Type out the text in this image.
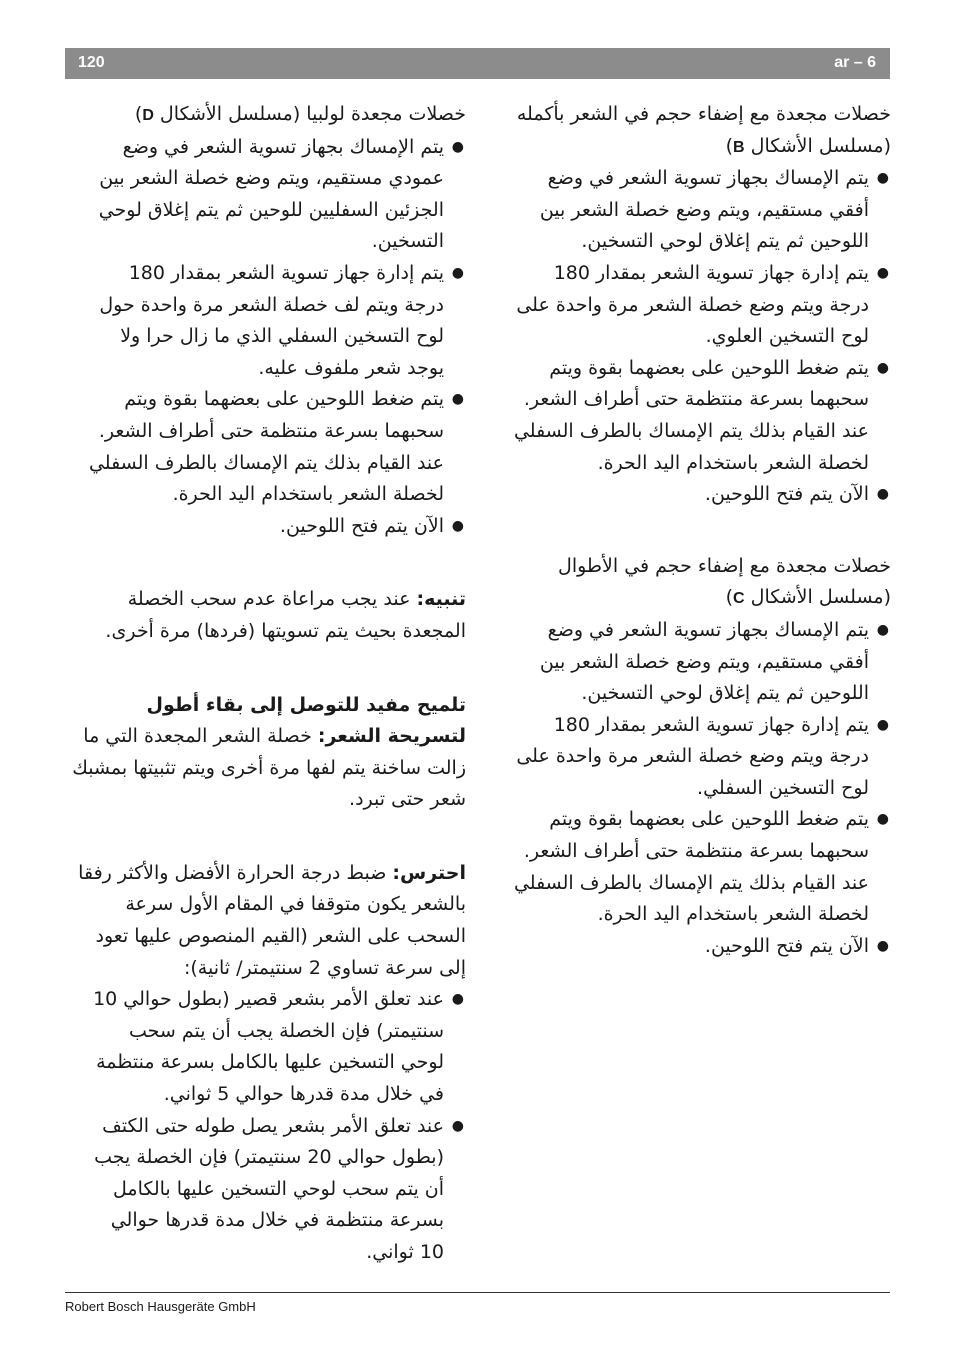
120	ar – 6

خصلات مجعدة مع إضفاء حجم في الشعر بأكمله (مسلسل الأشكال B)

●
يتم الإمساك بجهاز تسوية الشعر في وضع أفقي مستقيم، ويتم وضع خصلة الشعر بين اللوحين ثم يتم إغلاق لوحي التسخين.
●
يتم إدارة جهاز تسوية الشعر بمقدار 180 درجة ويتم وضع خصلة الشعر مرة واحدة على لوح التسخين العلوي.
●
يتم ضغط اللوحين على بعضهما بقوة ويتم سحبهما بسرعة منتظمة حتى أطراف الشعر. عند القيام بذلك يتم الإمساك بالطرف السفلي لخصلة الشعر باستخدام اليد الحرة.
●
الآن يتم فتح اللوحين.

خصلات مجعدة مع إضفاء حجم في الأطوال (مسلسل الأشكال C)

●
يتم الإمساك بجهاز تسوية الشعر في وضع أفقي مستقيم، ويتم وضع خصلة الشعر بين اللوحين ثم يتم إغلاق لوحي التسخين.
●
يتم إدارة جهاز تسوية الشعر بمقدار 180 درجة ويتم وضع خصلة الشعر مرة واحدة على لوح التسخين السفلي.
●
يتم ضغط اللوحين على بعضهما بقوة ويتم سحبهما بسرعة منتظمة حتى أطراف الشعر. عند القيام بذلك يتم الإمساك بالطرف السفلي لخصلة الشعر باستخدام اليد الحرة.
●
الآن يتم فتح اللوحين.

خصلات مجعدة لولبيا (مسلسل الأشكال D)

●
يتم الإمساك بجهاز تسوية الشعر في وضع عمودي مستقيم، ويتم وضع خصلة الشعر بين الجزئين السفليين للوحين ثم يتم إغلاق لوحي التسخين.
●
يتم إدارة جهاز تسوية الشعر بمقدار 180 درجة ويتم لف خصلة الشعر مرة واحدة حول لوح التسخين السفلي الذي ما زال حرا ولا يوجد شعر ملفوف عليه.
●
يتم ضغط اللوحين على بعضهما بقوة ويتم سحبهما بسرعة منتظمة حتى أطراف الشعر. عند القيام بذلك يتم الإمساك بالطرف السفلي لخصلة الشعر باستخدام اليد الحرة.
●
الآن يتم فتح اللوحين.

تنبيه: عند يجب مراعاة عدم سحب الخصلة المجعدة بحيث يتم تسويتها (فردها) مرة أخرى.

تلميح مفيد للتوصل إلى بقاء أطول لتسريحة الشعر: خصلة الشعر المجعدة التي ما زالت ساخنة يتم لفها مرة أخرى ويتم تثبيتها بمشبك شعر حتى تبرد.

احترس: ضبط درجة الحرارة الأفضل والأكثر رفقا بالشعر يكون متوقفا في المقام الأول سرعة السحب على الشعر (القيم المنصوص عليها تعود إلى سرعة تساوي 2 سنتيمتر/ ثانية):

●
عند تعلق الأمر بشعر قصير (بطول حوالي 10 سنتيمتر) فإن الخصلة يجب أن يتم سحب لوحي التسخين عليها بالكامل بسرعة منتظمة في خلال مدة قدرها حوالي 5 ثواني.
●
عند تعلق الأمر بشعر يصل طوله حتى الكتف (بطول حوالي 20 سنتيمتر) فإن الخصلة يجب أن يتم سحب لوحي التسخين عليها بالكامل بسرعة منتظمة في خلال مدة قدرها حوالي 10 ثواني.
Robert Bosch Hausgeräte GmbH
